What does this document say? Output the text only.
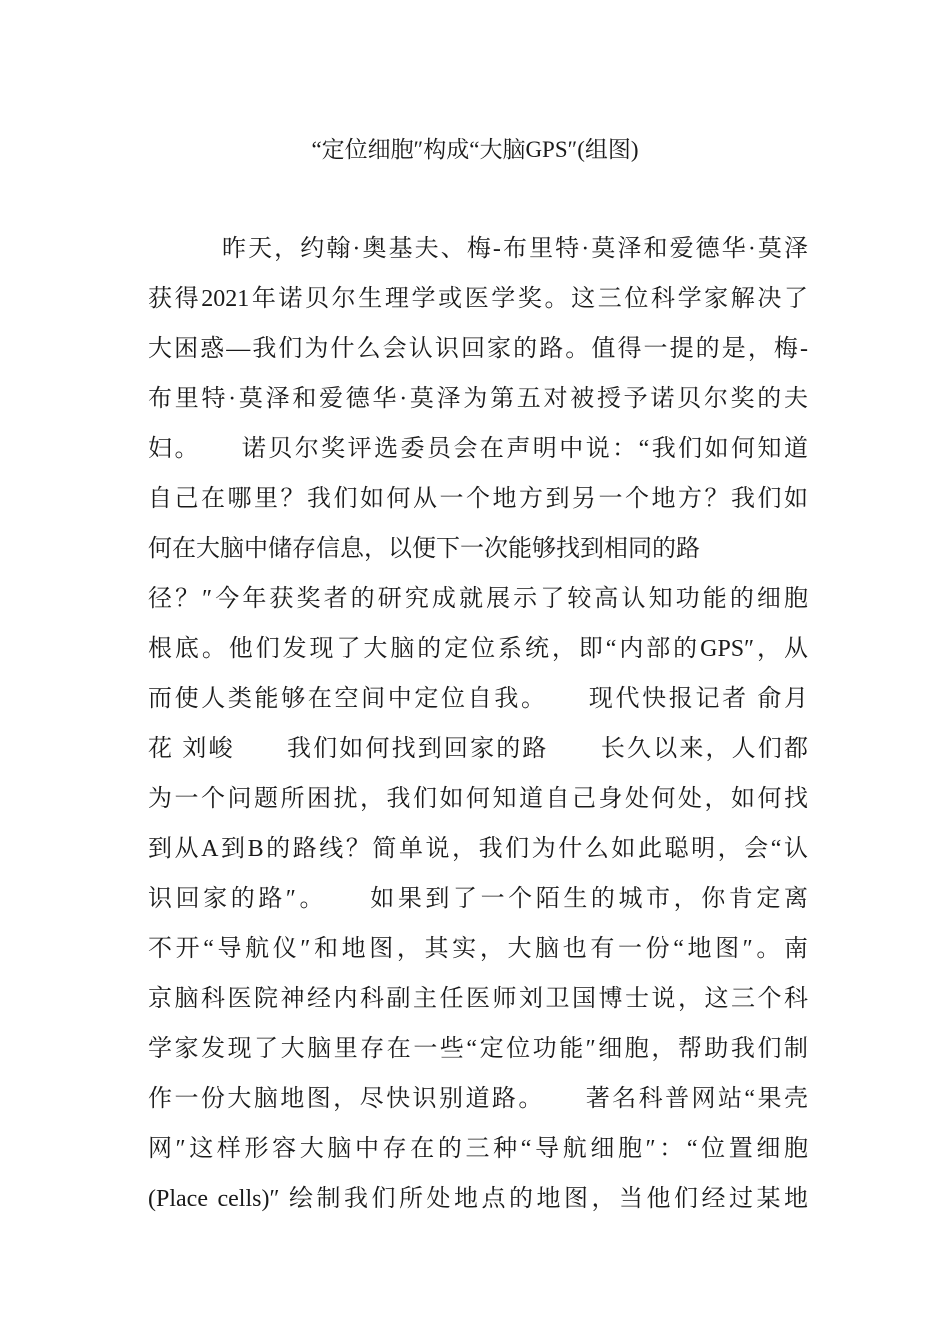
“定位细胞″构成“大脑GPS″(组图)
昨天，约翰·奥基夫、梅-布里特·莫泽和爱德华·莫泽
获得2021年诺贝尔生理学或医学奖。这三位科学家解决了
大困惑—我们为什么会认识回家的路。值得一提的是，梅-
布里特·莫泽和爱德华·莫泽为第五对被授予诺贝尔奖的夫
妇。　　诺贝尔奖评选委员会在声明中说：“我们如何知道
自己在哪里？我们如何从一个地方到另一个地方？我们如
何在大脑中储存信息，以便下一次能够找到相同的路
径？″今年获奖者的研究成就展示了较高认知功能的细胞
根底。他们发现了大脑的定位系统，即“内部的GPS″，从
而使人类能够在空间中定位自我。　　现代快报记者 俞月
花 刘峻　　我们如何找到回家的路　　长久以来，人们都
为一个问题所困扰，我们如何知道自己身处何处，如何找
到从A到B的路线？简单说，我们为什么如此聪明，会“认
识回家的路″。　　如果到了一个陌生的城市，你肯定离
不开“导航仪″和地图，其实，大脑也有一份“地图″。南
京脑科医院神经内科副主任医师刘卫国博士说，这三个科
学家发现了大脑里存在一些“定位功能″细胞，帮助我们制
作一份大脑地图，尽快识别道路。　　著名科普网站“果壳
网″这样形容大脑中存在的三种“导航细胞″：“位置细胞
(Place cells)″ 绘制我们所处地点的地图，当他们经过某地
